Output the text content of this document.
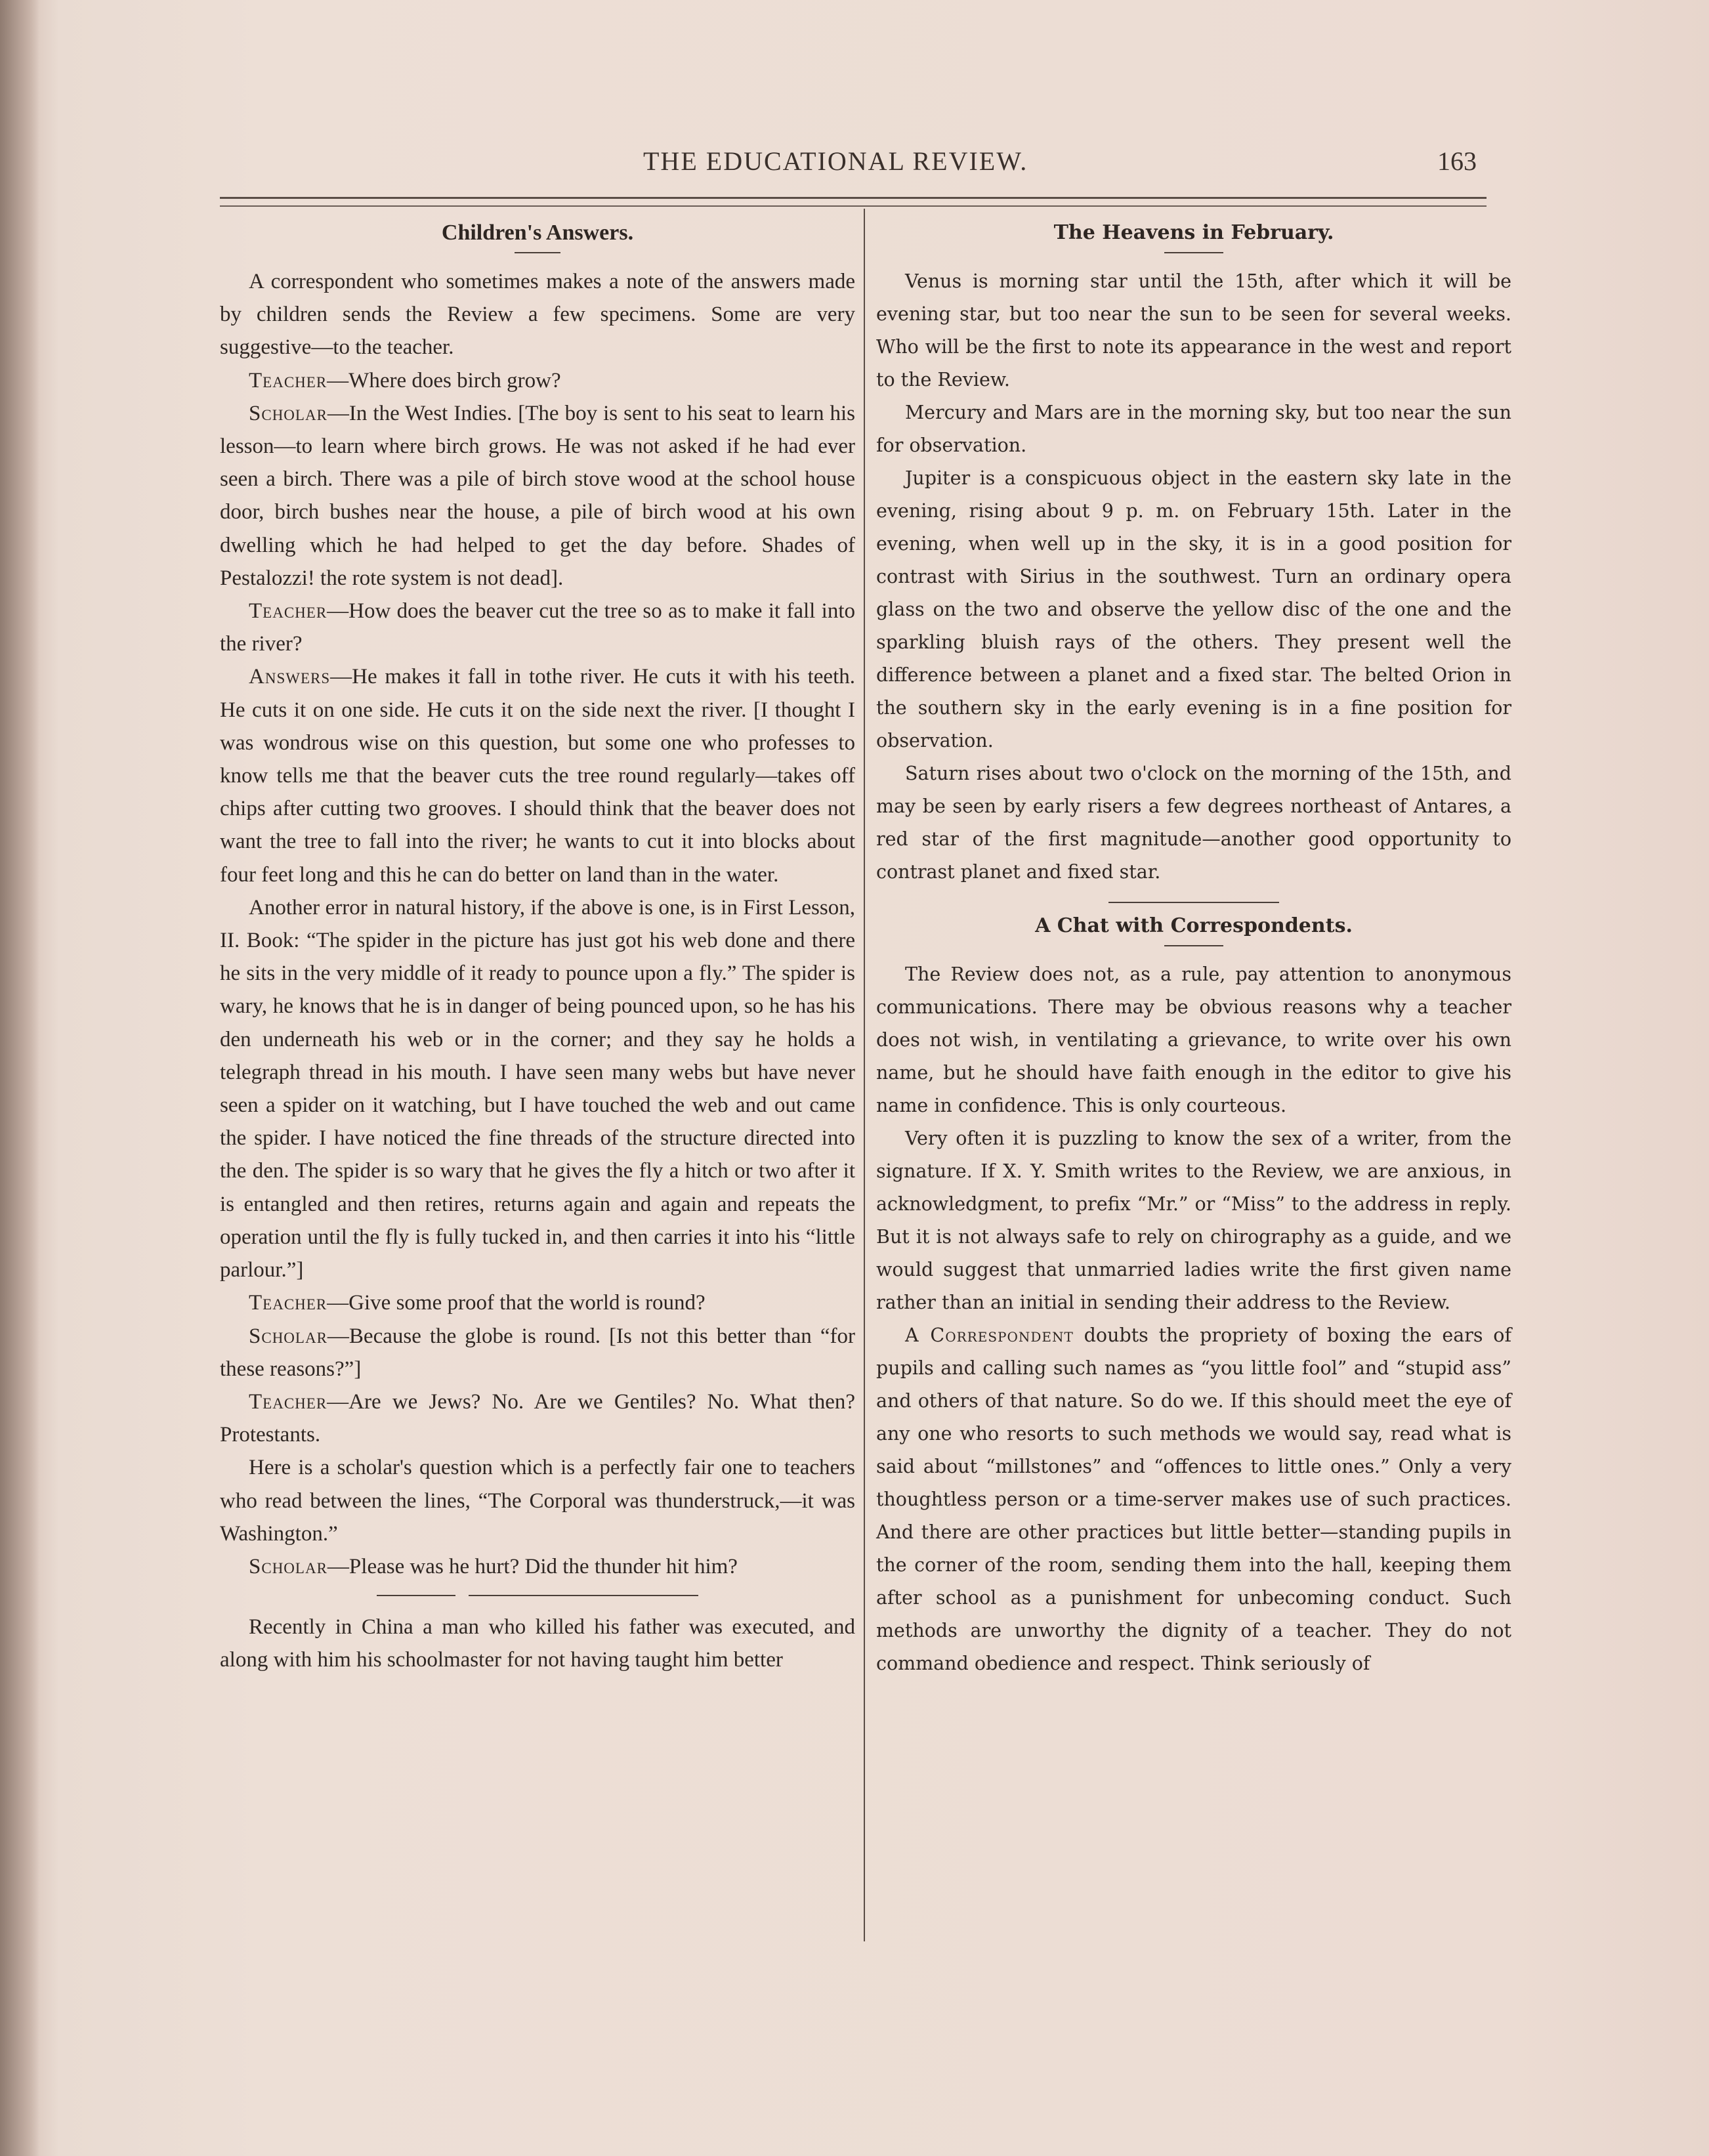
THE EDUCATIONAL REVIEW.	163
Children's Answers.

A correspondent who sometimes makes a note of the answers made by children sends the Review a few specimens. Some are very suggestive—to the teacher.

Teacher—Where does birch grow?

Scholar—In the West Indies. [The boy is sent to his seat to learn his lesson—to learn where birch grows. He was not asked if he had ever seen a birch. There was a pile of birch stove wood at the school house door, birch bushes near the house, a pile of birch wood at his own dwelling which he had helped to get the day before. Shades of Pestalozzi! the rote system is not dead].

Teacher—How does the beaver cut the tree so as to make it fall into the river?

Answers—He makes it fall in tothe river. He cuts it with his teeth. He cuts it on one side. He cuts it on the side next the river. [I thought I was wondrous wise on this question, but some one who professes to know tells me that the beaver cuts the tree round regularly—takes off chips after cutting two grooves. I should think that the beaver does not want the tree to fall into the river; he wants to cut it into blocks about four feet long and this he can do better on land than in the water.

Another error in natural history, if the above is one, is in First Lesson, II. Book: “The spider in the picture has just got his web done and there he sits in the very middle of it ready to pounce upon a fly.” The spider is wary, he knows that he is in danger of being pounced upon, so he has his den underneath his web or in the corner; and they say he holds a telegraph thread in his mouth. I have seen many webs but have never seen a spider on it watching, but I have touched the web and out came the spider. I have noticed the fine threads of the structure directed into the den. The spider is so wary that he gives the fly a hitch or two after it is entangled and then retires, returns again and again and repeats the operation until the fly is fully tucked in, and then carries it into his “little parlour.”]

Teacher—Give some proof that the world is round?

Scholar—Because the globe is round. [Is not this better than “for these reasons?”]

Teacher—Are we Jews? No. Are we Gentiles? No. What then? Protestants.

Here is a scholar's question which is a perfectly fair one to teachers who read between the lines, “The Corporal was thunderstruck,—it was Washington.”

Scholar—Please was he hurt? Did the thunder hit him?

Recently in China a man who killed his father was executed, and along with him his schoolmaster for not having taught him better

The Heavens in February.

Venus is morning star until the 15th, after which it will be evening star, but too near the sun to be seen for several weeks. Who will be the first to note its appearance in the west and report to the Review.

Mercury and Mars are in the morning sky, but too near the sun for observation.

Jupiter is a conspicuous object in the eastern sky late in the evening, rising about 9 p. m. on February 15th. Later in the evening, when well up in the sky, it is in a good position for contrast with Sirius in the southwest. Turn an ordinary opera glass on the two and observe the yellow disc of the one and the sparkling bluish rays of the others. They present well the difference between a planet and a fixed star. The belted Orion in the southern sky in the early evening is in a fine position for observation.

Saturn rises about two o'clock on the morning of the 15th, and may be seen by early risers a few degrees northeast of Antares, a red star of the first magnitude—another good opportunity to contrast planet and fixed star.

A Chat with Correspondents.

The Review does not, as a rule, pay attention to anonymous communications. There may be obvious reasons why a teacher does not wish, in ventilating a grievance, to write over his own name, but he should have faith enough in the editor to give his name in confidence. This is only courteous.

Very often it is puzzling to know the sex of a writer, from the signature. If X. Y. Smith writes to the Review, we are anxious, in acknowledgment, to prefix “Mr.” or “Miss” to the address in reply. But it is not always safe to rely on chirography as a guide, and we would suggest that unmarried ladies write the first given name rather than an initial in sending their address to the Review.

A Correspondent doubts the propriety of boxing the ears of pupils and calling such names as “you little fool” and “stupid ass” and others of that nature. So do we. If this should meet the eye of any one who resorts to such methods we would say, read what is said about “millstones” and “offences to little ones.” Only a very thoughtless person or a time-server makes use of such practices. And there are other practices but little better—standing pupils in the corner of the room, sending them into the hall, keeping them after school as a punishment for unbecoming conduct. Such methods are unworthy the dignity of a teacher. They do not command obedience and respect. Think seriously of
